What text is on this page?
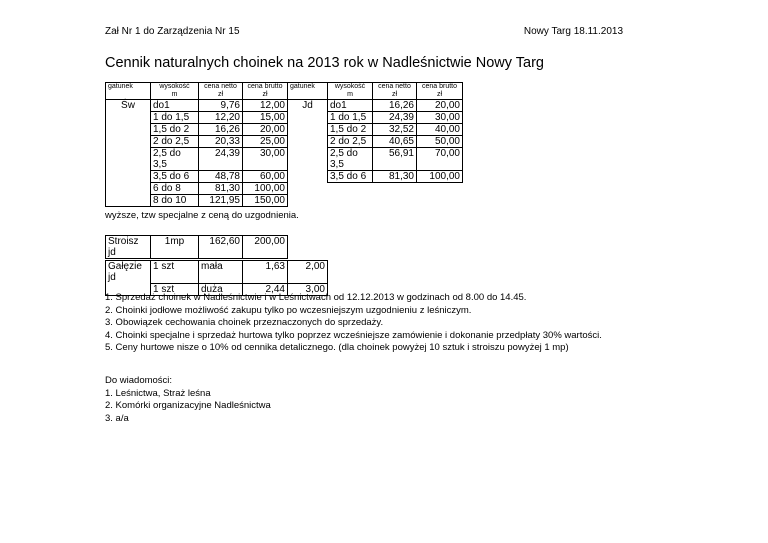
Zał Nr 1 do Zarządzenia Nr 15	Nowy Targ 18.11.2013
Cennik naturalnych choinek na 2013 rok w Nadleśnictwie Nowy Targ
gatunek	wysokość	cena netto	cena brutto	gatunek	wysokość	cena netto	cena brutto
	m	zł	zł		m	zł	zł
Św	do1	9,76	12,00	Jd	do1	16,26	20,00
	1 do 1,5	12,20	15,00		1 do 1,5	24,39	30,00
	1,5 do 2	16,26	20,00		1,5 do 2	32,52	40,00
	2 do 2,5	20,33	25,00		2 do 2,5	40,65	50,00
	2,5 do 3,5	24,39	30,00		2,5 do 3,5	56,91	70,00
	3,5 do 6	48,78	60,00		3,5 do 6	81,30	100,00
	6 do 8	81,30	100,00				
	8 do 10	121,95	150,00				
wyższe, tzw specjalne z ceną do uzgodnienia.
Stroisz jd	1mp	162,60	200,00
Gałęzie jd	1 szt	mała	1,63	2,00
	1 szt	duża	2,44	3,00
1. Sprzedaż choinek w Nadleśnictwie i w Leśnictwach od 12.12.2013 w godzinach od 8.00 do 14.45.
2. Choinki jodłowe możliwość zakupu tylko po wczesniejszym uzgodnieniu z leśniczym.
3. Obowiązek cechowania choinek przeznaczonych do sprzedaży.
4. Choinki specjalne i sprzedaż hurtowa tylko poprzez wcześniejsze zamówienie i dokonanie przedpłaty 30% wartości.
5. Ceny hurtowe nisze o 10% od cennika detalicznego. (dla choinek powyżej 10 sztuk i stroiszu powyżej 1 mp)
Do wiadomości:
1. Leśnictwa, Straż leśna
2. Komórki organizacyjne Nadleśnictwa
3. a/a
